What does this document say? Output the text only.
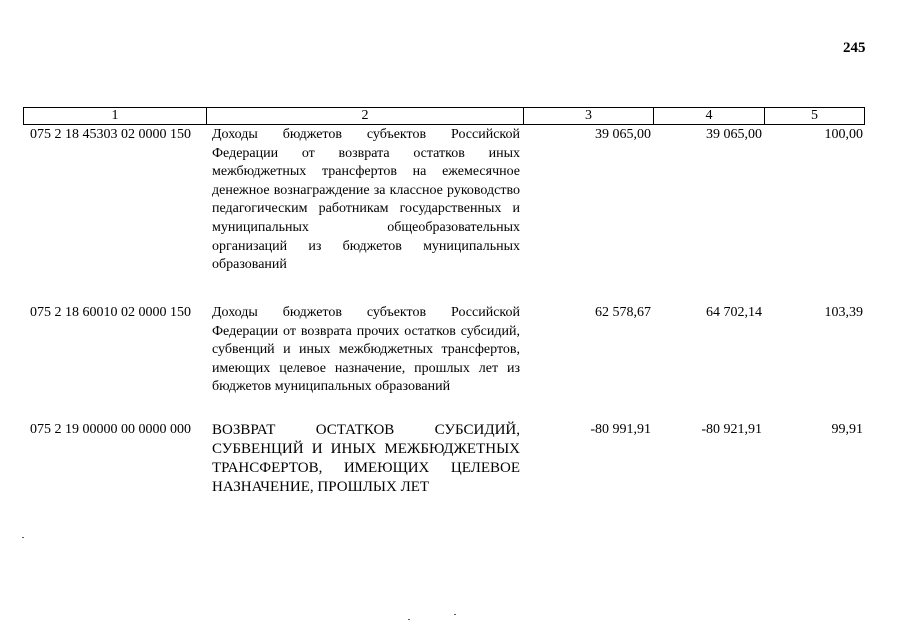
245
1	2	3	4	5
075 2 18 45303 02 0000 150 Доходы бюджетов субъектов Российской Федерации от возврата остатков иных межбюджетных трансфертов на ежемесячное денежное вознаграждение за классное руководство педагогическим работникам государственных и муниципальных общеобразовательных организаций из бюджетов муниципальных образований
39 065,00	39 065,00	100,00
075 2 18 60010 02 0000 150 Доходы бюджетов субъектов Российской Федерации от возврата прочих остатков субсидий, субвенций и иных межбюджетных трансфертов, имеющих целевое назначение, прошлых лет из бюджетов муниципальных образований
62 578,67	64 702,14	103,39
075 2 19 00000 00 0000 000 ВОЗВРАТ ОСТАТКОВ СУБСИДИЙ, СУБВЕНЦИЙ И ИНЫХ МЕЖБЮДЖЕТНЫХ ТРАНСФЕРТОВ, ИМЕЮЩИХ ЦЕЛЕВОЕ НАЗНАЧЕНИЕ, ПРОШЛЫХ ЛЕТ
-80 991,91	-80 921,91	99,91
